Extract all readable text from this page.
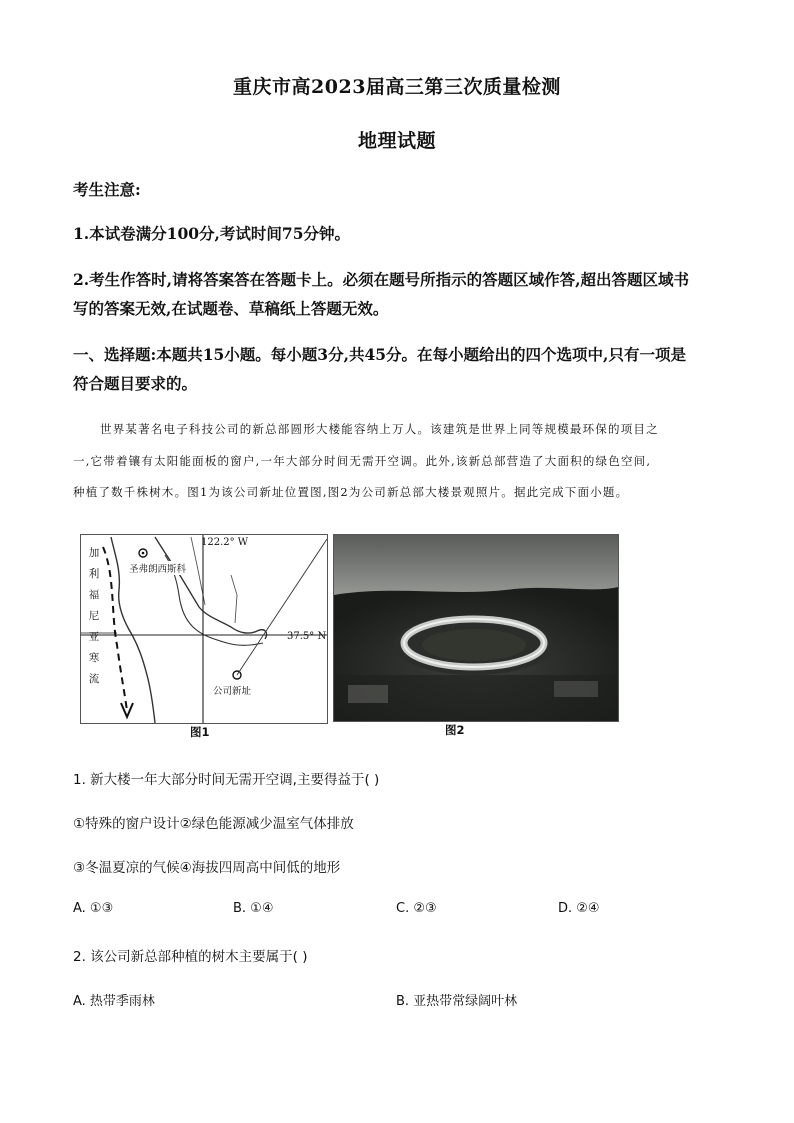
重庆市高2023届高三第三次质量检测
地理试题
考生注意:
1.本试卷满分100分,考试时间75分钟。
2.考生作答时,请将答案答在答题卡上。必须在题号所指示的答题区域作答,超出答题区域书
写的答案无效,在试题卷、草稿纸上答题无效。
一、选择题:本题共15小题。每小题3分,共45分。在每小题给出的四个选项中,只有一项是
符合题目要求的。
世界某著名电子科技公司的新总部圆形大楼能容纳上万人。该建筑是世界上同等规模最环保的项目之
一,它带着镶有太阳能面板的窗户,一年大部分时间无需开空调。此外,该新总部营造了大面积的绿色空间,
种植了数千株树木。图1为该公司新址位置图,图2为公司新总部大楼景观照片。据此完成下面小题。
122.2° W
37.5° N
圣弗朗西斯科
公司新址
加
利
福
尼
亚
寒
流
图1	图2
1. 新大楼一年大部分时间无需开空调,主要得益于( )
①特殊的窗户设计②绿色能源减少温室气体排放
③冬温夏凉的气候④海拔四周高中间低的地形
A. ①③	B. ①④	C. ②③	D. ②④
2. 该公司新总部种植的树木主要属于( )
A. 热带季雨林	B. 亚热带常绿阔叶林
